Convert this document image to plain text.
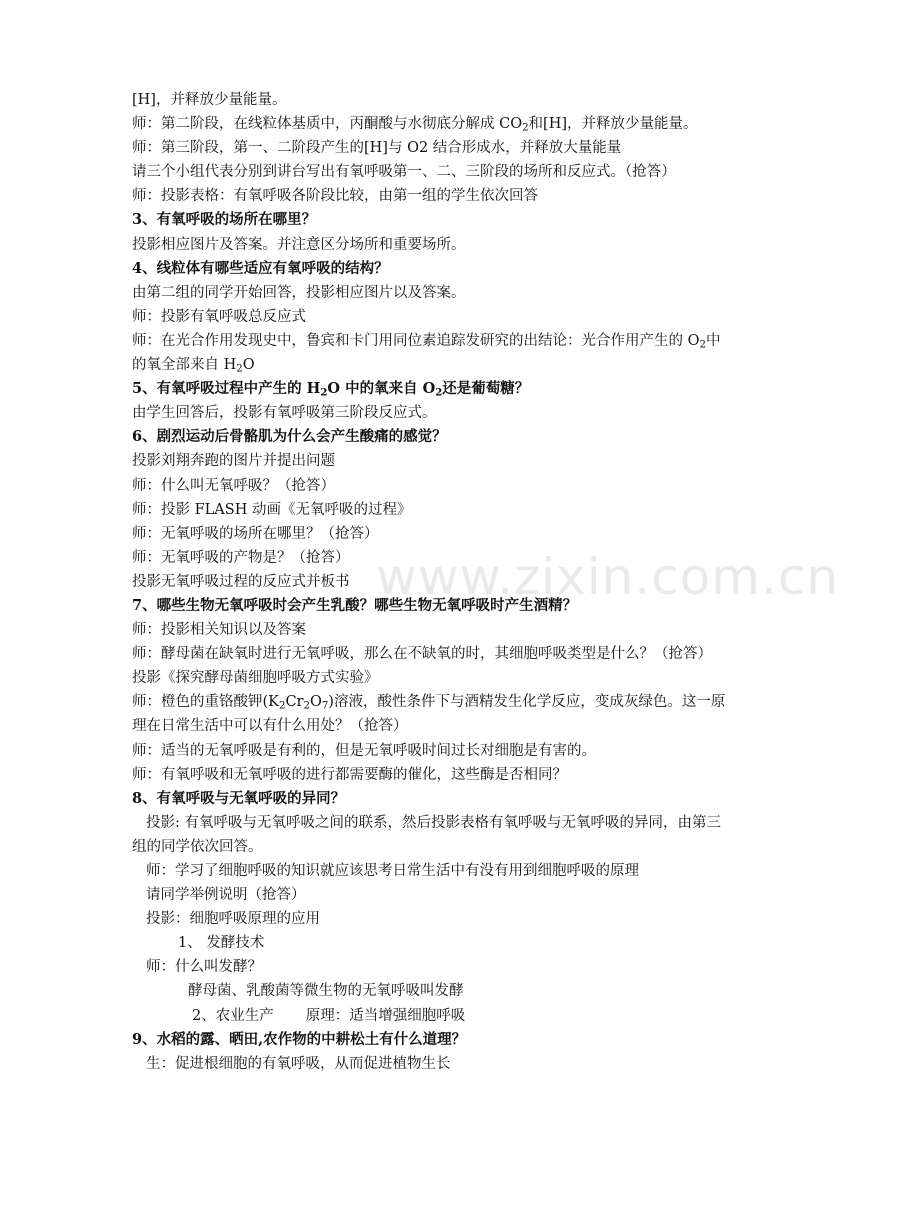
[H]，并释放少量能量。
师：第二阶段，在线粒体基质中，丙酮酸与水彻底分解成 $CO_2$和[H]，并释放少量能量。
师：第三阶段，第一、二阶段产生的[H]与 O2 结合形成水，并释放大量能量
请三个小组代表分别到讲台写出有氧呼吸第一、二、三阶段的场所和反应式。（抢答）
师：投影表格：有氧呼吸各阶段比较，由第一组的学生依次回答
3、有氧呼吸的场所在哪里？
投影相应图片及答案。并注意区分场所和重要场所。
4、线粒体有哪些适应有氧呼吸的结构？
由第二组的同学开始回答，投影相应图片以及答案。
师：投影有氧呼吸总反应式
师：在光合作用发现史中，鲁宾和卡门用同位素追踪发研究的出结论：光合作用产生的 $O_2$中
的氧全部来自 $H_2O$
5、有氧呼吸过程中产生的 $H_2O$ 中的氧来自 $O_2$还是葡萄糖？
由学生回答后，投影有氧呼吸第三阶段反应式。
6、剧烈运动后骨骼肌为什么会产生酸痛的感觉？
投影刘翔奔跑的图片并提出问题
师：什么叫无氧呼吸？（抢答）
师：投影 FLASH 动画《无氧呼吸的过程》
师：无氧呼吸的场所在哪里？（抢答）
师：无氧呼吸的产物是？（抢答）
投影无氧呼吸过程的反应式并板书
7、哪些生物无氧呼吸时会产生乳酸？哪些生物无氧呼吸时产生酒精？
师：投影相关知识以及答案
师：酵母菌在缺氧时进行无氧呼吸，那么在不缺氧的时，其细胞呼吸类型是什么？（抢答）
投影《探究酵母菌细胞呼吸方式实验》
师：橙色的重铬酸钾$(K_2Cr_2O_7)$溶液，酸性条件下与酒精发生化学反应，变成灰绿色。这一原
理在日常生活中可以有什么用处？（抢答）
师：适当的无氧呼吸是有利的，但是无氧呼吸时间过长对细胞是有害的。
师：有氧呼吸和无氧呼吸的进行都需要酶的催化，这些酶是否相同？
8、有氧呼吸与无氧呼吸的异同？
投影: 有氧呼吸与无氧呼吸之间的联系，然后投影表格有氧呼吸与无氧呼吸的异同，由第三
组的同学依次回答。
师：学习了细胞呼吸的知识就应该思考日常生活中有没有用到细胞呼吸的原理
请同学举例说明（抢答）
投影：细胞呼吸原理的应用
1、 发酵技术
师：什么叫发酵？
酵母菌、乳酸菌等微生物的无氧呼吸叫发酵
2、农业生产 原理：适当增强细胞呼吸
9、水稻的露、晒田,农作物的中耕松土有什么道理？
生：促进根细胞的有氧呼吸，从而促进植物生长
www.zixin.com.cn
